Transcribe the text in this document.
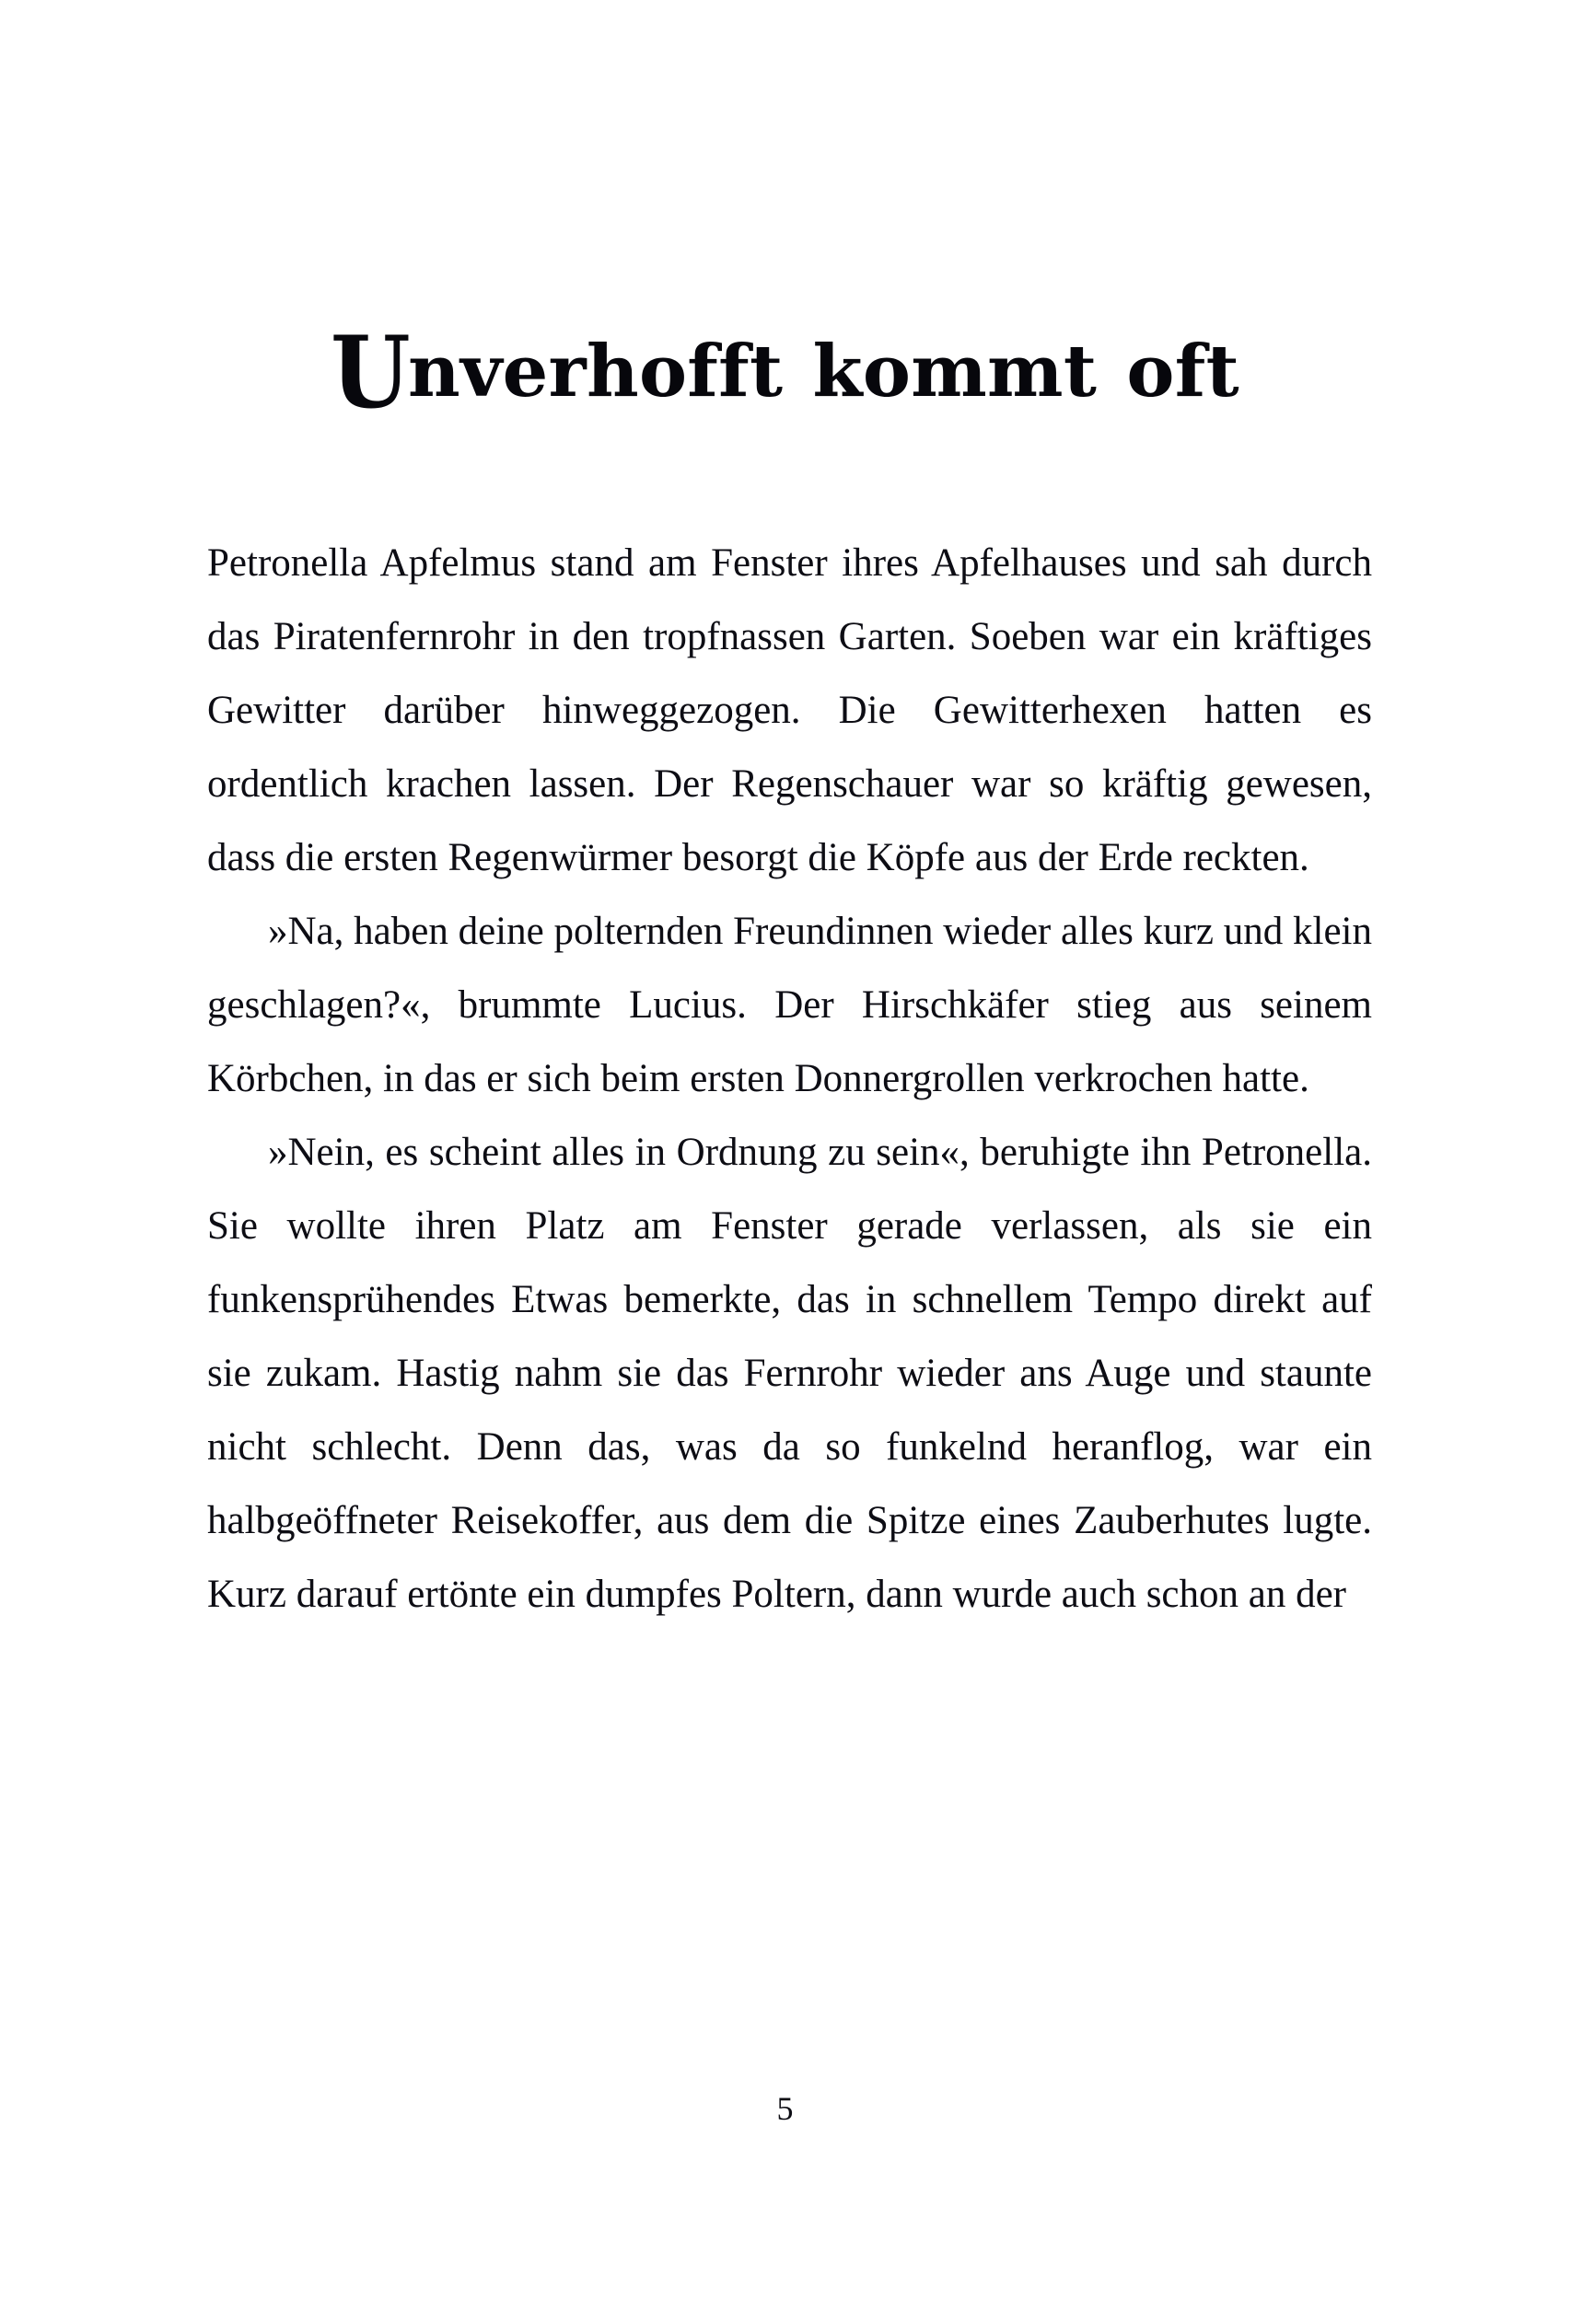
Unverhofft kommt oft

Petronella Apfelmus stand am Fenster ihres Apfelhauses und sah durch das Piratenfernrohr in den tropfnassen Garten. Soeben war ein kräftiges Gewitter darüber hinweggezogen. Die Gewitterhexen hatten es ordentlich krachen lassen. Der Regenschauer war so kräftig gewesen, dass die ersten Regenwürmer besorgt die Köpfe aus der Erde reckten.

»Na, haben deine polternden Freundinnen wieder alles kurz und klein geschlagen?«, brummte Lucius. Der Hirschkäfer stieg aus seinem Körbchen, in das er sich beim ersten Donnergrollen verkrochen hatte.

»Nein, es scheint alles in Ordnung zu sein«, beruhigte ihn Petronella. Sie wollte ihren Platz am Fenster gerade verlassen, als sie ein funkensprühendes Etwas bemerkte, das in schnellem Tempo direkt auf sie zukam. Hastig nahm sie das Fernrohr wieder ans Auge und staunte nicht schlecht. Denn das, was da so funkelnd heranflog, war ein halbgeöffneter Reisekoffer, aus dem die Spitze eines Zauberhutes lugte. Kurz darauf ertönte ein dumpfes Poltern, dann wurde auch schon an der

5
